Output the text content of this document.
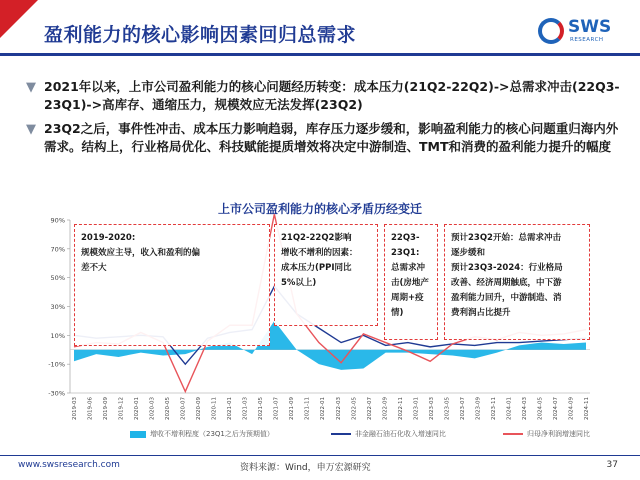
盈利能力的核心影响因素回归总需求	SWS
RESEARCH
▼ 2021年以来，上市公司盈利能力的核心问题经历转变：成本压力(21Q2-22Q2)->总需求冲击(22Q3-23Q1)->高库存、通缩压力，规模效应无法发挥(23Q2)
▼ 23Q2之后，事件性冲击、成本压力影响趋弱，库存压力逐步缓和，影响盈利能力的核心问题重归海内外需求。结构上，行业格局优化、科技赋能提质增效将决定中游制造、TMT和消费的盈利能力提升的幅度
上市公司盈利能力的核心矛盾历经变迁
-30%
-10%
10%
30%
50%
70%
90%
2019-03 2019-06 2019-09 2019-12 2020-01 2020-03 2020-05 2020-07 2020-09 2020-11 2021-01 2021-03 2021-05 2021-07 2021-09 2021-11 2022-01 2022-03 2022-05 2022-07 2022-09 2022-11 2023-01 2023-03 2023-05 2023-07 2023-09 2023-11 2024-01 2024-03 2024-05 2024-07 2024-09 2024-11
2019-2020:
规模效应主导，收入和盈利的偏
差不大
21Q2-22Q2影响
增收不增利的因素：
成本压力(PPI同比
5%以上)
22Q3-
23Q1:
总需求冲
击(房地产
周期+疫
情)
预计23Q2开始：总需求冲击
逐步缓和
预计23Q3-2024：行业格局
改善、经济周期触底，中下游
盈利能力回升，中游制造、消
费利润占比提升
增收不增利程度（23Q1之后为预期值）	非金融石油石化收入增速同比	归母净利润增速同比
www.swsresearch.com	资料来源：Wind，申万宏源研究	37
